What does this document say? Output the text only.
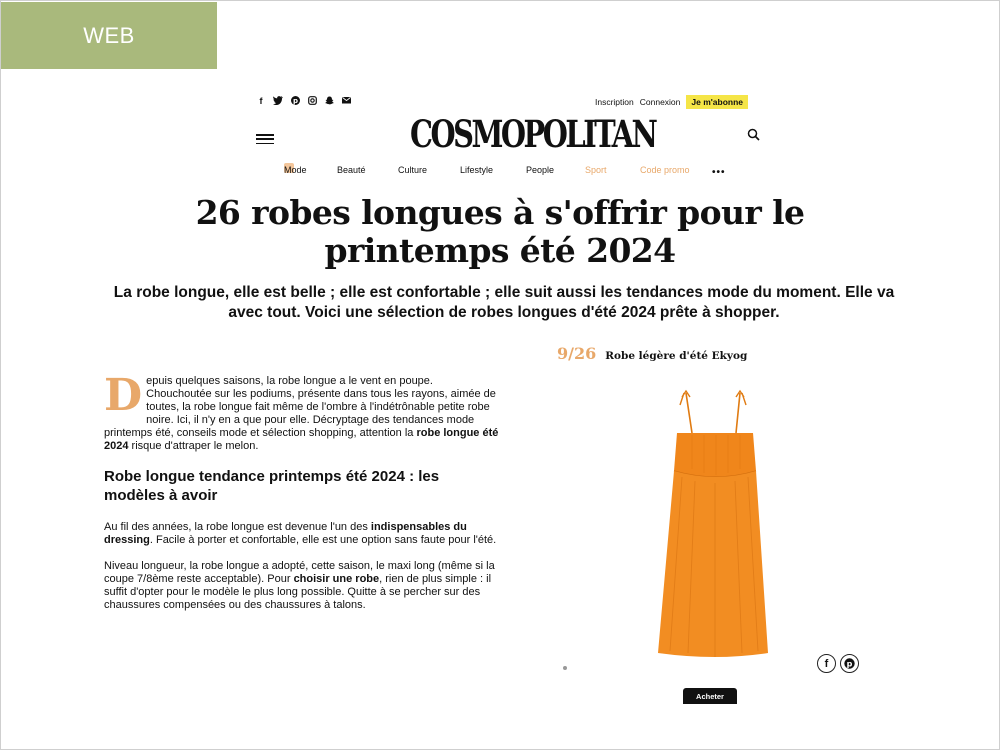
WEB
f	p	Inscription Connexion	Je m'abonne
COSMOPOLITAN
Mode	Beauté	Culture	Lifestyle	People	Sport	Code promo •••
26 robes longues à s'offrir pour le printemps été 2024
La robe longue, elle est belle ; elle est confortable ; elle suit aussi les tendances mode du moment. Elle va avec tout. Voici une sélection de robes longues d'été 2024 prête à shopper.

D epuis quelques saisons, la robe longue a le vent en poupe. Chouchoutée sur les podiums, présente dans tous les rayons, aimée de toutes, la robe longue fait même de l'ombre à l'indétrônable petite robe noire. Ici, il n'y en a que pour elle. Décryptage des tendances mode printemps été, conseils mode et sélection shopping, attention la robe longue été 2024 risque d'attraper le melon.

Robe longue tendance printemps été 2024 : les modèles à avoir

Au fil des années, la robe longue est devenue l'un des indispensables du dressing. Facile à porter et confortable, elle est une option sans faute pour l'été.

Niveau longueur, la robe longue a adopté, cette saison, le maxi long (même si la coupe 7/8ème reste acceptable). Pour choisir une robe, rien de plus simple : il suffit d'opter pour le modèle le plus long possible. Quitte à se percher sur des chaussures compensées ou des chaussures à talons.

9/26 Robe légère d'été Ekyog
f	p
Acheter
